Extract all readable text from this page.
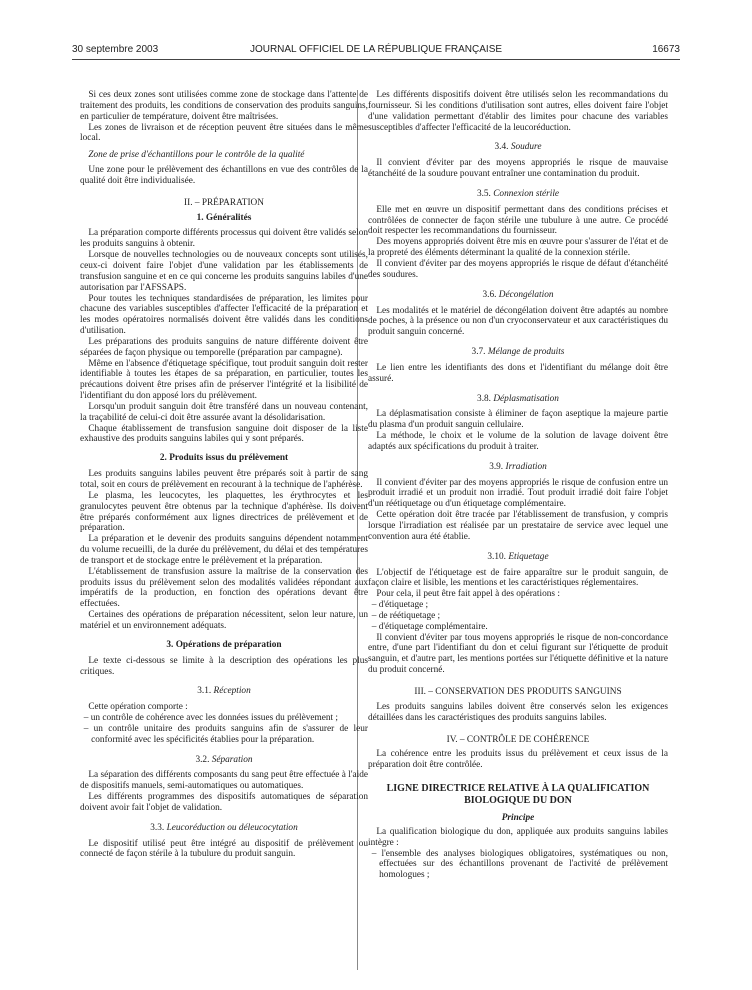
30 septembre 2003	JOURNAL OFFICIEL DE LA RÉPUBLIQUE FRANÇAISE	16673

Si ces deux zones sont utilisées comme zone de stockage dans l'attente de traitement des produits, les conditions de conservation des produits sanguins, en particulier de température, doivent être maîtrisées.

Les zones de livraison et de réception peuvent être situées dans le même local.

Zone de prise d'échantillons pour le contrôle de la qualité

Une zone pour le prélèvement des échantillons en vue des contrôles de la qualité doit être individualisée.

II. – PRÉPARATION

1. Généralités

La préparation comporte différents processus qui doivent être validés selon les produits sanguins à obtenir.

Lorsque de nouvelles technologies ou de nouveaux concepts sont utilisés, ceux-ci doivent faire l'objet d'une validation par les établissements de transfusion sanguine et en ce qui concerne les produits sanguins labiles d'une autorisation par l'AFSSAPS.

Pour toutes les techniques standardisées de préparation, les limites pour chacune des variables susceptibles d'affecter l'efficacité de la préparation et les modes opératoires normalisés doivent être validés dans les conditions d'utilisation.

Les préparations des produits sanguins de nature différente doivent être séparées de façon physique ou temporelle (préparation par campagne).

Même en l'absence d'étiquetage spécifique, tout produit sanguin doit rester identifiable à toutes les étapes de sa préparation, en particulier, toutes les précautions doivent être prises afin de préserver l'intégrité et la lisibilité de l'identifiant du don apposé lors du prélèvement.

Lorsqu'un produit sanguin doit être transféré dans un nouveau contenant, la traçabilité de celui-ci doit être assurée avant la désolidarisation.

Chaque établissement de transfusion sanguine doit disposer de la liste exhaustive des produits sanguins labiles qui y sont préparés.

2. Produits issus du prélèvement

Les produits sanguins labiles peuvent être préparés soit à partir de sang total, soit en cours de prélèvement en recourant à la technique de l'aphérèse.

Le plasma, les leucocytes, les plaquettes, les érythrocytes et les granulocytes peuvent être obtenus par la technique d'aphérèse. Ils doivent être préparés conformément aux lignes directrices de prélèvement et de préparation.

La préparation et le devenir des produits sanguins dépendent notamment du volume recueilli, de la durée du prélèvement, du délai et des températures de transport et de stockage entre le prélèvement et la préparation.

L'établissement de transfusion assure la maîtrise de la conservation des produits issus du prélèvement selon des modalités validées répondant aux impératifs de la production, en fonction des opérations devant être effectuées.

Certaines des opérations de préparation nécessitent, selon leur nature, un matériel et un environnement adéquats.

3. Opérations de préparation

Le texte ci-dessous se limite à la description des opérations les plus critiques.

3.1. Réception

Cette opération comporte :

– un contrôle de cohérence avec les données issues du prélèvement ;

– un contrôle unitaire des produits sanguins afin de s'assurer de leur conformité avec les spécificités établies pour la préparation.

3.2. Séparation

La séparation des différents composants du sang peut être effectuée à l'aide de dispositifs manuels, semi-automatiques ou automatiques.

Les différents programmes des dispositifs automatiques de séparation doivent avoir fait l'objet de validation.

3.3. Leucoréduction ou déleucocytation

Le dispositif utilisé peut être intégré au dispositif de prélèvement ou connecté de façon stérile à la tubulure du produit sanguin.

Les différents dispositifs doivent être utilisés selon les recommandations du fournisseur. Si les conditions d'utilisation sont autres, elles doivent faire l'objet d'une validation permettant d'établir des limites pour chacune des variables susceptibles d'affecter l'efficacité de la leucoréduction.

3.4. Soudure

Il convient d'éviter par des moyens appropriés le risque de mauvaise étanchéité de la soudure pouvant entraîner une contamination du produit.

3.5. Connexion stérile

Elle met en œuvre un dispositif permettant dans des conditions précises et contrôlées de connecter de façon stérile une tubulure à une autre. Ce procédé doit respecter les recommandations du fournisseur.

Des moyens appropriés doivent être mis en œuvre pour s'assurer de l'état et de la propreté des éléments déterminant la qualité de la connexion stérile.

Il convient d'éviter par des moyens appropriés le risque de défaut d'étanchéité des soudures.

3.6. Décongélation

Les modalités et le matériel de décongélation doivent être adaptés au nombre de poches, à la présence ou non d'un cryoconservateur et aux caractéristiques du produit sanguin concerné.

3.7. Mélange de produits

Le lien entre les identifiants des dons et l'identifiant du mélange doit être assuré.

3.8. Déplasmatisation

La déplasmatisation consiste à éliminer de façon aseptique la majeure partie du plasma d'un produit sanguin cellulaire.

La méthode, le choix et le volume de la solution de lavage doivent être adaptés aux spécifications du produit à traiter.

3.9. Irradiation

Il convient d'éviter par des moyens appropriés le risque de confusion entre un produit irradié et un produit non irradié. Tout produit irradié doit faire l'objet d'un réétiquetage ou d'un étiquetage complémentaire.

Cette opération doit être tracée par l'établissement de transfusion, y compris lorsque l'irradiation est réalisée par un prestataire de service avec lequel une convention aura été établie.

3.10. Etiquetage

L'objectif de l'étiquetage est de faire apparaître sur le produit sanguin, de façon claire et lisible, les mentions et les caractéristiques réglementaires.

Pour cela, il peut être fait appel à des opérations :

– d'étiquetage ;

– de réétiquetage ;

– d'étiquetage complémentaire.

Il convient d'éviter par tous moyens appropriés le risque de non-concordance entre, d'une part l'identifiant du don et celui figurant sur l'étiquette de produit sanguin, et d'autre part, les mentions portées sur l'étiquette définitive et la nature du produit concerné.

III. – CONSERVATION DES PRODUITS SANGUINS

Les produits sanguins labiles doivent être conservés selon les exigences détaillées dans les caractéristiques des produits sanguins labiles.

IV. – CONTRÔLE DE COHÉRENCE

La cohérence entre les produits issus du prélèvement et ceux issus de la préparation doit être contrôlée.

LIGNE DIRECTRICE RELATIVE À LA QUALIFICATION BIOLOGIQUE DU DON

Principe

La qualification biologique du don, appliquée aux produits sanguins labiles intègre :

– l'ensemble des analyses biologiques obligatoires, systématiques ou non, effectuées sur des échantillons provenant de l'activité de prélèvement homologues ;
